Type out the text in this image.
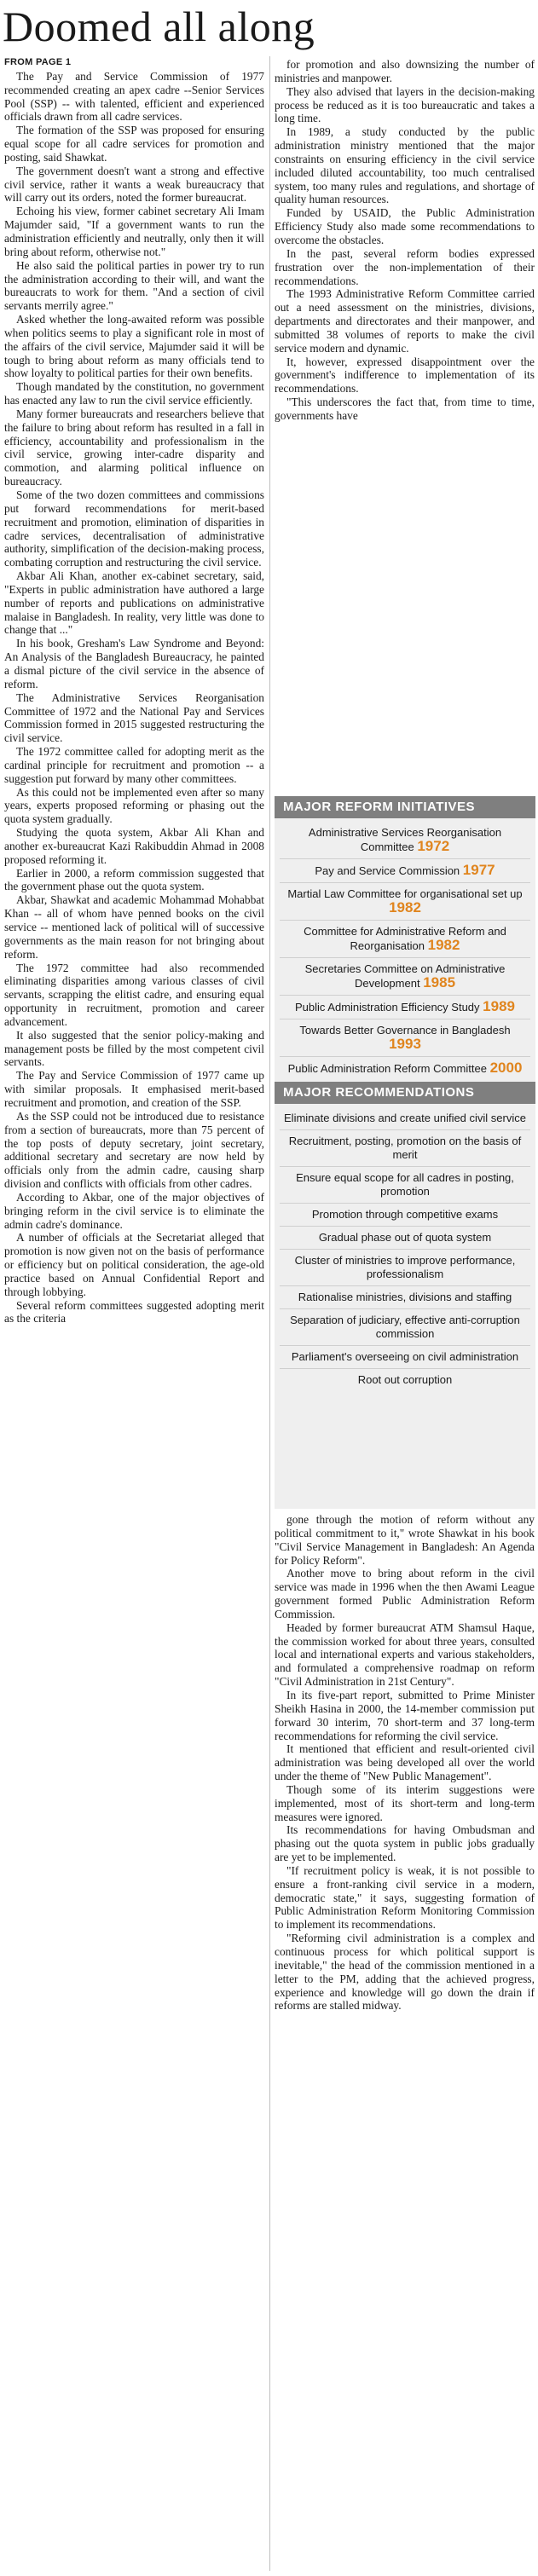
Doomed all along

FROM PAGE 1

The Pay and Service Commission of 1977 recommended creating an apex cadre --Senior Services Pool (SSP) -- with talented, efficient and experienced officials drawn from all cadre services.

The formation of the SSP was proposed for ensuring equal scope for all cadre services for promotion and posting, said Shawkat.

The government doesn't want a strong and effective civil service, rather it wants a weak bureaucracy that will carry out its orders, noted the former bureaucrat.

Echoing his view, former cabinet secretary Ali Imam Majumder said, "If a government wants to run the administration efficiently and neutrally, only then it will bring about reform, otherwise not."

He also said the political parties in power try to run the administration according to their will, and want the bureaucrats to work for them. "And a section of civil servants merrily agree."

Asked whether the long-awaited reform was possible when politics seems to play a significant role in most of the affairs of the civil service, Majumder said it will be tough to bring about reform as many officials tend to show loyalty to political parties for their own benefits.

Though mandated by the constitution, no government has enacted any law to run the civil service efficiently.

Many former bureaucrats and researchers believe that the failure to bring about reform has resulted in a fall in efficiency, accountability and professionalism in the civil service, growing inter-cadre disparity and commotion, and alarming political influence on bureaucracy.

Some of the two dozen committees and commissions put forward recommendations for merit-based recruitment and promotion, elimination of disparities in cadre services, decentralisation of administrative authority, simplification of the decision-making process, combating corruption and restructuring the civil service.

Akbar Ali Khan, another ex-cabinet secretary, said, "Experts in public administration have authored a large number of reports and publications on administrative malaise in Bangladesh. In reality, very little was done to change that ..."

In his book, Gresham's Law Syndrome and Beyond: An Analysis of the Bangladesh Bureaucracy, he painted a dismal picture of the civil service in the absence of reform.

The Administrative Services Reorganisation Committee of 1972 and the National Pay and Services Commission formed in 2015 suggested restructuring the civil service.

The 1972 committee called for adopting merit as the cardinal principle for recruitment and promotion -- a suggestion put forward by many other committees.

As this could not be implemented even after so many years, experts proposed reforming or phasing out the quota system gradually.

Studying the quota system, Akbar Ali Khan and another ex-bureaucrat Kazi Rakibuddin Ahmad in 2008 proposed reforming it.

Earlier in 2000, a reform commission suggested that the government phase out the quota system.

Akbar, Shawkat and academic Mohammad Mohabbat Khan -- all of whom have penned books on the civil service -- mentioned lack of political will of successive governments as the main reason for not bringing about reform.

The 1972 committee had also recommended eliminating disparities among various classes of civil servants, scrapping the elitist cadre, and ensuring equal opportunity in recruitment, promotion and career advancement.

It also suggested that the senior policy-making and management posts be filled by the most competent civil servants.

The Pay and Service Commission of 1977 came up with similar proposals. It emphasised merit-based recruitment and promotion, and creation of the SSP.

As the SSP could not be introduced due to resistance from a section of bureaucrats, more than 75 percent of the top posts of deputy secretary, joint secretary, additional secretary and secretary are now held by officials only from the admin cadre, causing sharp division and conflicts with officials from other cadres.

According to Akbar, one of the major objectives of bringing reform in the civil service is to eliminate the admin cadre's dominance.

A number of officials at the Secretariat alleged that promotion is now given not on the basis of performance or efficiency but on political consideration, the age-old practice based on Annual Confidential Report and through lobbying.

Several reform committees suggested adopting merit as the criteria

for promotion and also downsizing the number of ministries and manpower.

They also advised that layers in the decision-making process be reduced as it is too bureaucratic and takes a long time.

In 1989, a study conducted by the public administration ministry mentioned that the major constraints on ensuring efficiency in the civil service included diluted accountability, too much centralised system, too many rules and regulations, and shortage of quality human resources.

Funded by USAID, the Public Administration Efficiency Study also made some recommendations to overcome the obstacles.

In the past, several reform bodies expressed frustration over the non-implementation of their recommendations.

The 1993 Administrative Reform Committee carried out a need assessment on the ministries, divisions, departments and directorates and their manpower, and submitted 38 volumes of reports to make the civil service modern and dynamic.

It, however, expressed disappointment over the government's indifference to implementation of its recommendations.

"This underscores the fact that, from time to time, governments have

MAJOR REFORM INITIATIVES
Administrative Services Reorganisation Committee 1972
Pay and Service Commission 1977
Martial Law Committee for organisational set up 1982
Committee for Administrative Reform and Reorganisation 1982
Secretaries Committee on Administrative Development 1985
Public Administration Efficiency Study 1989
Towards Better Governance in Bangladesh 1993
Public Administration Reform Committee 2000
MAJOR RECOMMENDATIONS
Eliminate divisions and create unified civil service
Recruitment, posting, promotion on the basis of merit
Ensure equal scope for all cadres in posting, promotion
Promotion through competitive exams
Gradual phase out of quota system
Cluster of ministries to improve performance, professionalism
Rationalise ministries, divisions and staffing
Separation of judiciary, effective anti-corruption commission
Parliament's overseeing on civil administration
Root out corruption

gone through the motion of reform without any political commitment to it," wrote Shawkat in his book "Civil Service Management in Bangladesh: An Agenda for Policy Reform".

Another move to bring about reform in the civil service was made in 1996 when the then Awami League government formed Public Administration Reform Commission.

Headed by former bureaucrat ATM Shamsul Haque, the commission worked for about three years, consulted local and international experts and various stakeholders, and formulated a comprehensive roadmap on reform "Civil Administration in 21st Century".

In its five-part report, submitted to Prime Minister Sheikh Hasina in 2000, the 14-member commission put forward 30 interim, 70 short-term and 37 long-term recommendations for reforming the civil service.

It mentioned that efficient and result-oriented civil administration was being developed all over the world under the theme of "New Public Management".

Though some of its interim suggestions were implemented, most of its short-term and long-term measures were ignored.

Its recommendations for having Ombudsman and phasing out the quota system in public jobs gradually are yet to be implemented.

"If recruitment policy is weak, it is not possible to ensure a front-ranking civil service in a modern, democratic state," it says, suggesting formation of Public Administration Reform Monitoring Commission to implement its recommendations.

"Reforming civil administration is a complex and continuous process for which political support is inevitable," the head of the commission mentioned in a letter to the PM, adding that the achieved progress, experience and knowledge will go down the drain if reforms are stalled midway.
